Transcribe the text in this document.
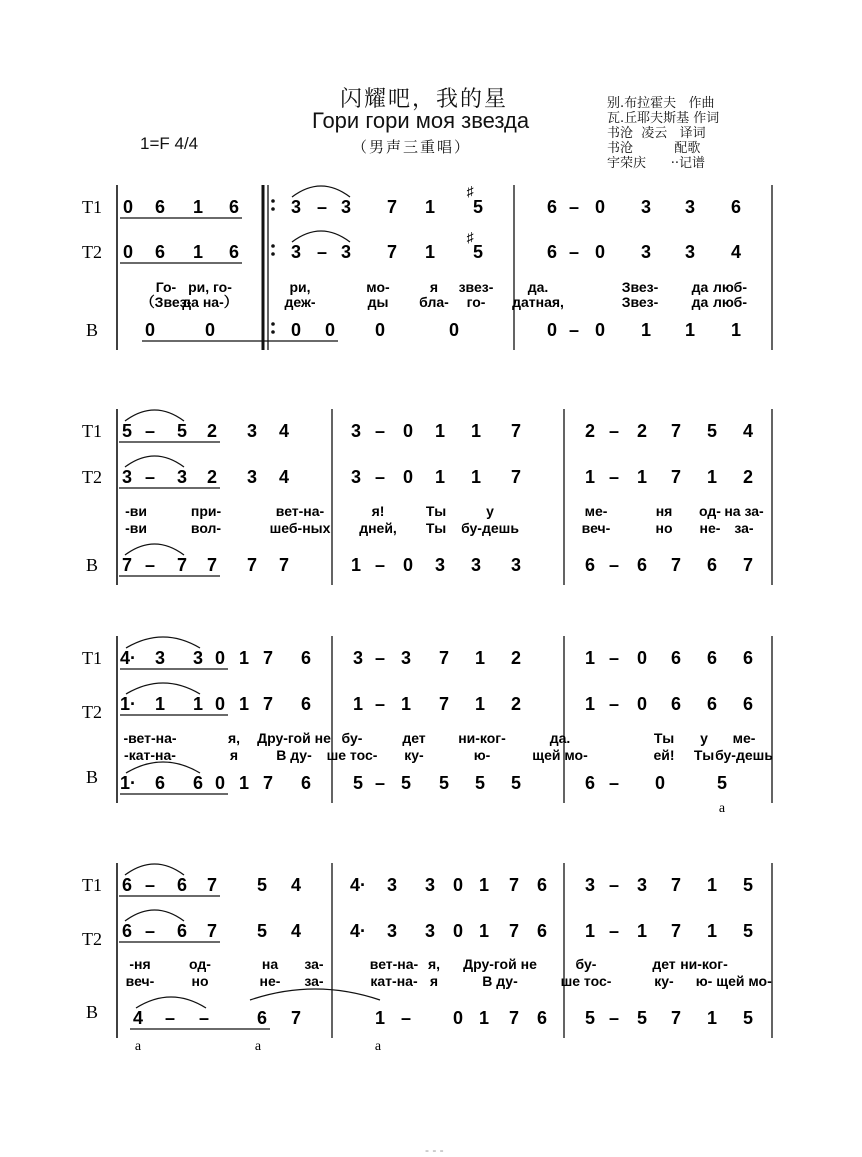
闪耀吧，我的星
Гори гори моя звезда
（男声三重唱）
1=F 4/4
别.布拉霍夫   作曲
瓦.丘耶夫斯基 作词
书沧  凌云   译词
书沧          配歌
宇荣庆      ··记谱
T1
T2
B
0 6 1 6	3 – 3 7 1 5	6 – 0 3 3 6
0 6 1 6	3 – 3 7 1 5	6 – 0 3 3 4
0	0	0 0 0	0	0 – 0 1 1 1
Го- ри, го-	ри,	мо-	я звез- да.	Звез- да люб-
（Звез-
да на-）	деж-	ды бла- го- датная,	Звез- да люб-
T1
T2
B
5 – 5 2 3 4	3 – 0 1 1 7	2 – 2 7 5 4
3 – 3 2 3 4	3 – 0 1 1 7	1 – 1 7 1 2
7 – 7 7 7 7	1 – 0 3 3 3	6 – 6 7 6 7
-ви	при-	вет-на-	я!	Ты	у	ме-	ня од- на за-
-ви	вол-	шеб-ных дней, Ты бу-дешь	веч-	но не- за-
T1
T2
B
4· 3 3 0 1 7 6 3 – 3 7 1 2	1 – 0 6 6 6
1· 1 1 0 1 7 6 1 – 1 7 1 2	1 – 0 6 6 6
1· 6 6 0 1 7 6 5 – 5 5 5 5	6 – 0	5
-вет-на-	я, Дру-гой не бу-	дет ни-ког-	да.	Ты у ме-
-кат-на-	я	В ду- ше тос- ку-	ю-	щей мо-	ей! Ты бу-дешь
T1
T2
B
6 – 6 7 5 4	4· 3 3 0 1 7 6 3 – 3 7 1 5
6 – 6 7 5 4	4· 3 3 0 1 7 6 1 – 1 7 1 5
4 – –	6 7	1 – 0 1 7 6 5 – 5 7 1 5
-ня	од-	на за-	вет-на- я, Дру-гой не	бу-	дет ни-ког-
веч-	но	не- за-	кат-на- я	В ду-	ше тос-	ку- ю- щей мо-
♯
♯
a
a	a	a
- - -
